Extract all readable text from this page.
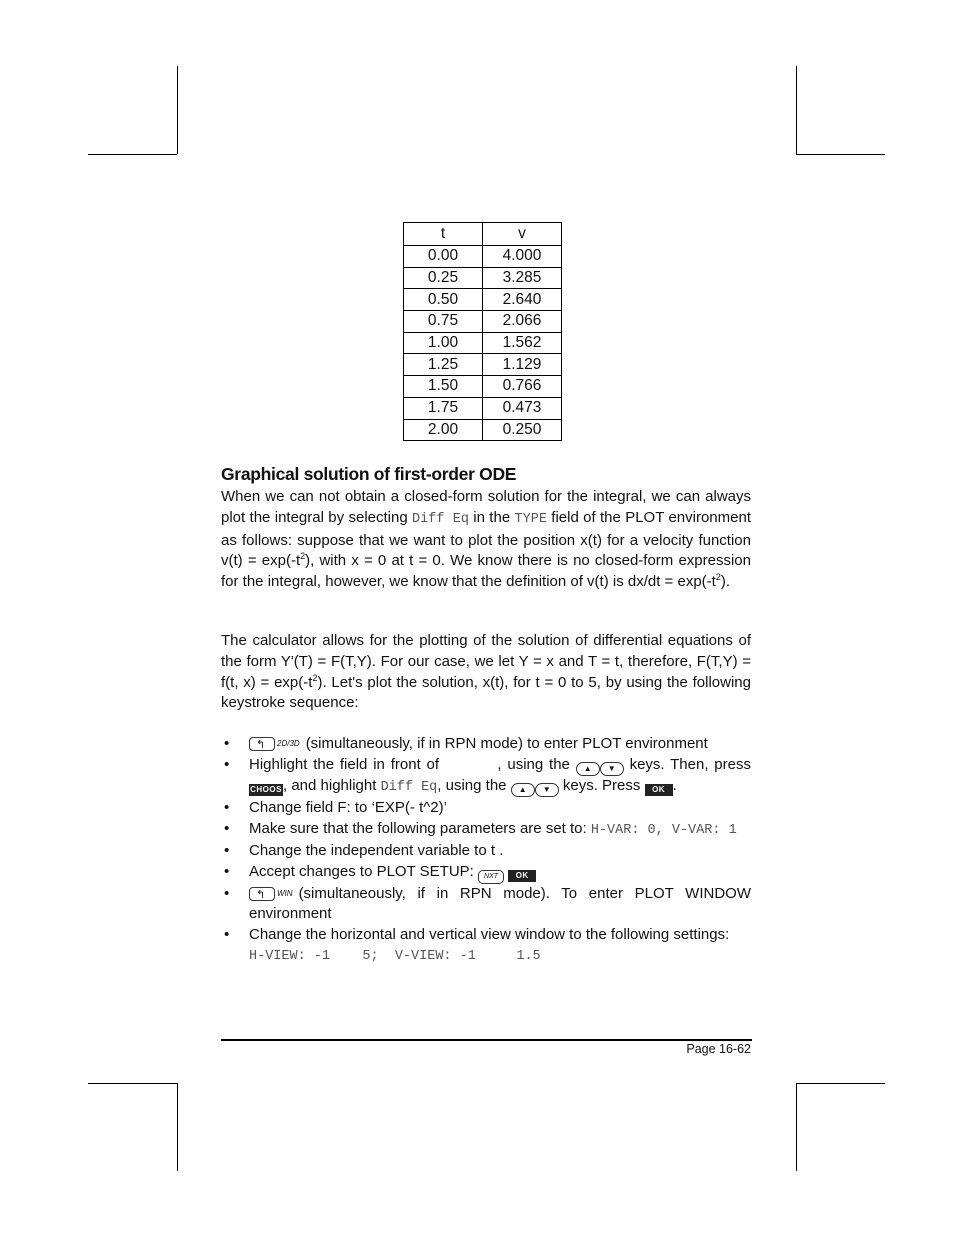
t	v
0.00	4.000
0.25	3.285
0.50	2.640
0.75	2.066
1.00	1.562
1.25	1.129
1.50	0.766
1.75	0.473
2.00	0.250
Graphical solution of first-order ODE
When we can not obtain a closed-form solution for the integral, we can always plot the integral by selecting Diff Eq in the TYPE field of the PLOT environment as follows: suppose that we want to plot the position x(t) for a velocity function $v(t) = \exp(-t^2)$, with x = 0 at t = 0. We know there is no closed-form expression for the integral, however, we know that the definition of v(t) is $dx/dt = \exp(-t^2)$.
The calculator allows for the plotting of the solution of differential equations of the form Y'(T) = F(T,Y). For our case, we let Y = x and T = t, therefore, F(T,Y) = f(t, $x) = \exp(-t^2)$. Let's plot the solution, x(t), for t = 0 to 5, by using the following keystroke sequence:
• ↰ 2D/3D (simultaneously, if in RPN mode) to enter PLOT environment
• Highlight the field in front of	, using the ▲ ▼ keys. Then, press CHOOS, and highlight Diff Eq, using the ▲ ▼ keys. Press OK .
• Change field F: to ‘EXP(- t^2)’
• Make sure that the following parameters are set to: H-VAR: 0, V-VAR: 1
• Change the independent variable to t .
• Accept changes to PLOT SETUP: NXT OK
• ↰ WIN (simultaneously, if in RPN mode). To enter PLOT WINDOW environment
• Change the horizontal and vertical view window to the following settings:
H-VIEW: -1    5;  V-VIEW: -1     1.5
Page 16-62
